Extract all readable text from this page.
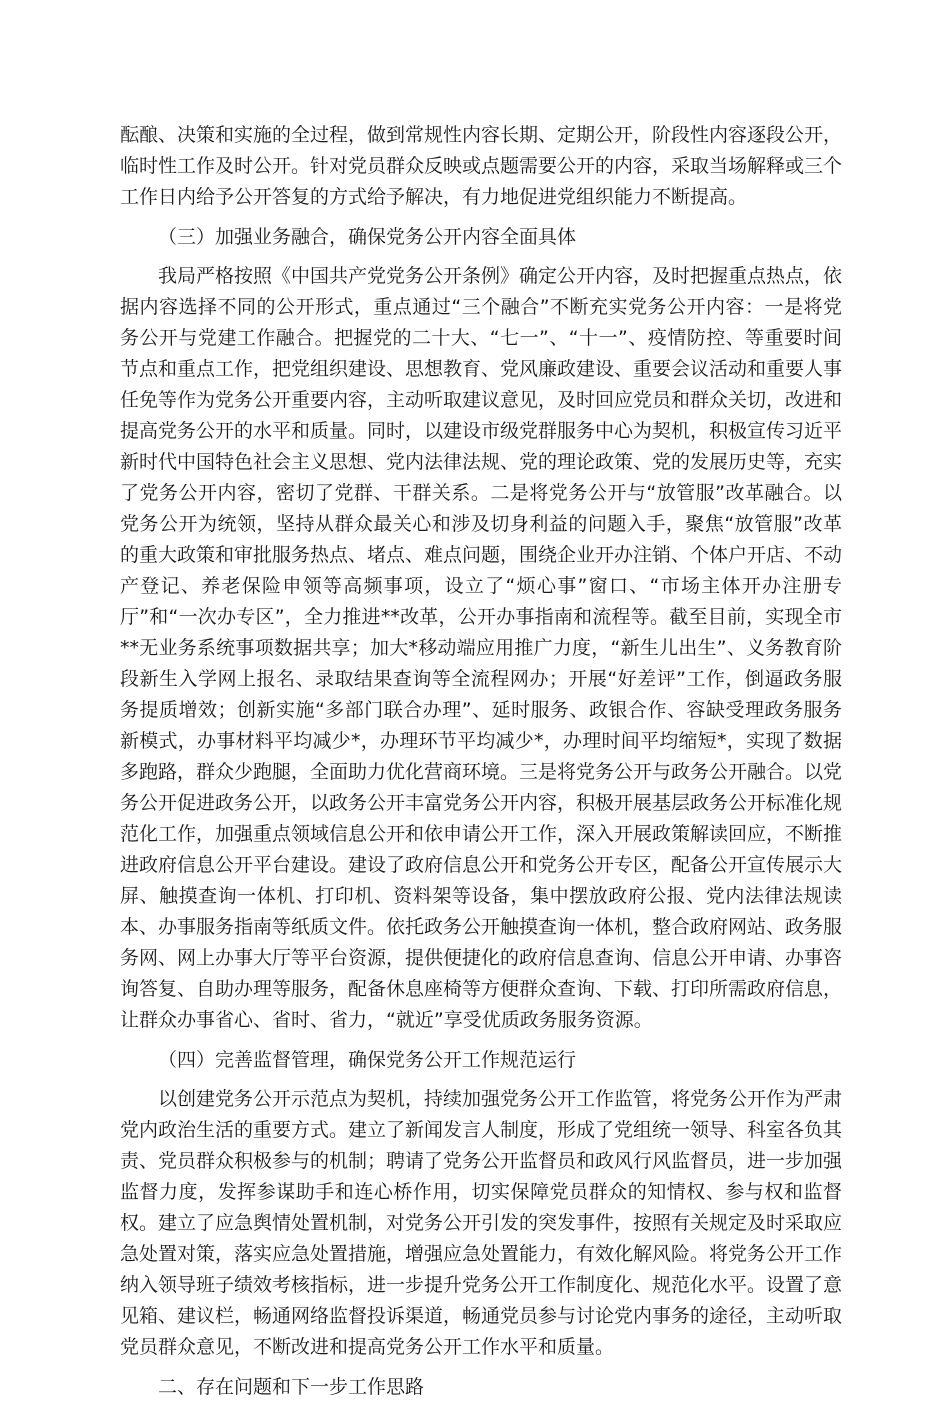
酝酿、决策和实施的全过程，做到常规性内容长期、定期公开，阶段性内容逐段公开，临时性工作及时公开。针对党员群众反映或点题需要公开的内容，采取当场解释或三个工作日内给予公开答复的方式给予解决，有力地促进党组织能力不断提高。

（三）加强业务融合，确保党务公开内容全面具体

我局严格按照《中国共产党党务公开条例》确定公开内容，及时把握重点热点，依据内容选择不同的公开形式，重点通过“三个融合”不断充实党务公开内容：一是将党务公开与党建工作融合。把握党的二十大、“七一”、“十一”、疫情防控、等重要时间节点和重点工作，把党组织建设、思想教育、党风廉政建设、重要会议活动和重要人事任免等作为党务公开重要内容，主动听取建议意见，及时回应党员和群众关切，改进和提高党务公开的水平和质量。同时，以建设市级党群服务中心为契机，积极宣传习近平新时代中国特色社会主义思想、党内法律法规、党的理论政策、党的发展历史等，充实了党务公开内容，密切了党群、干群关系。二是将党务公开与“放管服”改革融合。以党务公开为统领，坚持从群众最关心和涉及切身利益的问题入手，聚焦“放管服”改革的重大政策和审批服务热点、堵点、难点问题，围绕企业开办注销、个体户开店、不动产登记、养老保险申领等高频事项，设立了“烦心事”窗口、“市场主体开办注册专厅”和“一次办专区”，全力推进**改革，公开办事指南和流程等。截至目前，实现全市**无业务系统事项数据共享；加大*移动端应用推广力度，“新生儿出生”、义务教育阶段新生入学网上报名、录取结果查询等全流程网办；开展“好差评”工作，倒逼政务服务提质增效；创新实施“多部门联合办理”、延时服务、政银合作、容缺受理政务服务新模式，办事材料平均减少*，办理环节平均减少*，办理时间平均缩短*，实现了数据多跑路，群众少跑腿，全面助力优化营商环境。三是将党务公开与政务公开融合。以党务公开促进政务公开，以政务公开丰富党务公开内容，积极开展基层政务公开标准化规范化工作，加强重点领域信息公开和依申请公开工作，深入开展政策解读回应，不断推进政府信息公开平台建设。建设了政府信息公开和党务公开专区，配备公开宣传展示大屏、触摸查询一体机、打印机、资料架等设备，集中摆放政府公报、党内法律法规读本、办事服务指南等纸质文件。依托政务公开触摸查询一体机，整合政府网站、政务服务网、网上办事大厅等平台资源，提供便捷化的政府信息查询、信息公开申请、办事咨询答复、自助办理等服务，配备休息座椅等方便群众查询、下载、打印所需政府信息，让群众办事省心、省时、省力，“就近”享受优质政务服务资源。

（四）完善监督管理，确保党务公开工作规范运行

以创建党务公开示范点为契机，持续加强党务公开工作监管，将党务公开作为严肃党内政治生活的重要方式。建立了新闻发言人制度，形成了党组统一领导、科室各负其责、党员群众积极参与的机制；聘请了党务公开监督员和政风行风监督员，进一步加强监督力度，发挥参谋助手和连心桥作用，切实保障党员群众的知情权、参与权和监督权。建立了应急舆情处置机制，对党务公开引发的突发事件，按照有关规定及时采取应急处置对策，落实应急处置措施，增强应急处置能力，有效化解风险。将党务公开工作纳入领导班子绩效考核指标，进一步提升党务公开工作制度化、规范化水平。设置了意见箱、建议栏，畅通网络监督投诉渠道，畅通党员参与讨论党内事务的途径，主动听取党员群众意见，不断改进和提高党务公开工作水平和质量。

二、存在问题和下一步工作思路
